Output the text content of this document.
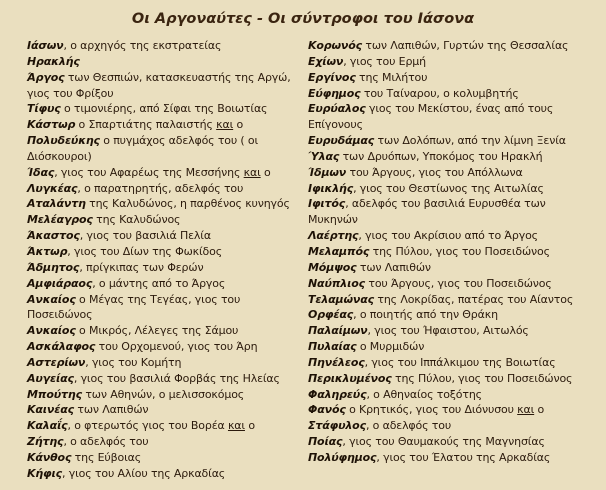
Οι Αργοναύτες - Οι σύντροφοι του Ιάσονα
Ιάσων, ο αρχηγός της εκστρατείας
Ηρακλής
Άργος των Θεσπιών, κατασκευαστής της Αργώ,
γιος του Φρίξου
Τίφυς ο τιμονιέρης, από Σίφαι της Βοιωτίας
Κάστωρ ο Σπαρτιάτης παλαιστής και ο
Πολυδεύκης ο πυγμάχος αδελφός του ( οι
Διόσκουροι)
Ίδας, γιος του Αφαρέως της Μεσσήνης και ο
Λυγκέας, ο παρατηρητής, αδελφός του
Αταλάντη της Καλυδώνος, η παρθένος κυνηγός
Μελέαγρος της Καλυδώνος
Άκαστος, γιος του βασιλιά Πελία
Άκτωρ, γιος του Δίων της Φωκίδος
Άδμητος, πρίγκιπας των Φερών
Αμφιάραος, ο μάντης από το Άργος
Ανκαίος ο Μέγας της Τεγέας, γιος του
Ποσειδώνος
Ανκαίος ο Μικρός, Λέλεγες της Σάμου
Ασκάλαφος του Ορχομενού, γιος του Άρη
Αστερίων, γιος του Κομήτη
Αυγείας, γιος του βασιλιά Φορβάς της Ηλείας
Μπούτης των Αθηνών, ο μελισσοκόμος
Καινέας των Λαπιθών
Καλαΐς, ο φτερωτός γιος του Βορέα και ο
Ζήτης, ο αδελφός του
Κάνθος της Εύβοιας
Κήφις, γιος του Αλίου της Αρκαδίας
Κορωνός των Λαπιθών, Γυρτών της Θεσσαλίας
Εχίων, γιος του Ερμή
Εργίνος της Μιλήτου
Εύφημος του Ταίναρου, ο κολυμβητής
Ευρύαλος γιος του Μεκίστου, ένας από τους
Επίγονους
Ευρυδάμας των Δολόπων, από την λίμνη Ξενία
Ύλας των Δρυόπων, Υποκόμος του Ηρακλή
Ίδμων του Άργους, γιος του Απόλλωνα
Ιφικλής, γιος του Θεστίωνος της Αιτωλίας
Ιφιτός, αδελφός του βασιλιά Ευρυσθέα των
Μυκηνών
Λαέρτης, γιος του Ακρίσιου από το Άργος
Μελαμπός της Πύλου, γιος του Ποσειδώνος
Μόμψος των Λαπιθών
Ναύπλιος του Άργους, γιος του Ποσειδώνος
Τελαμώνας της Λοκρίδας, πατέρας του Αίαντος
Ορφέας, ο ποιητής από την Θράκη
Παλαίμων, γιος του Ήφαιστου, Αιτωλός
Πυλαίας ο Μυρμιδών
Πηνέλεος, γιος του Ιππάλκιμου της Βοιωτίας
Περικλυμένος της Πύλου, γιος του Ποσειδώνος
Φαληρεύς, ο Αθηναίος τοξότης
Φανός ο Κρητικός, γιος του Διόνυσου και ο
Στάφυλος, ο αδελφός του
Ποίας, γιος του Θαυμακούς της Μαγνησίας
Πολύφημος, γιος του Έλατου της Αρκαδίας
